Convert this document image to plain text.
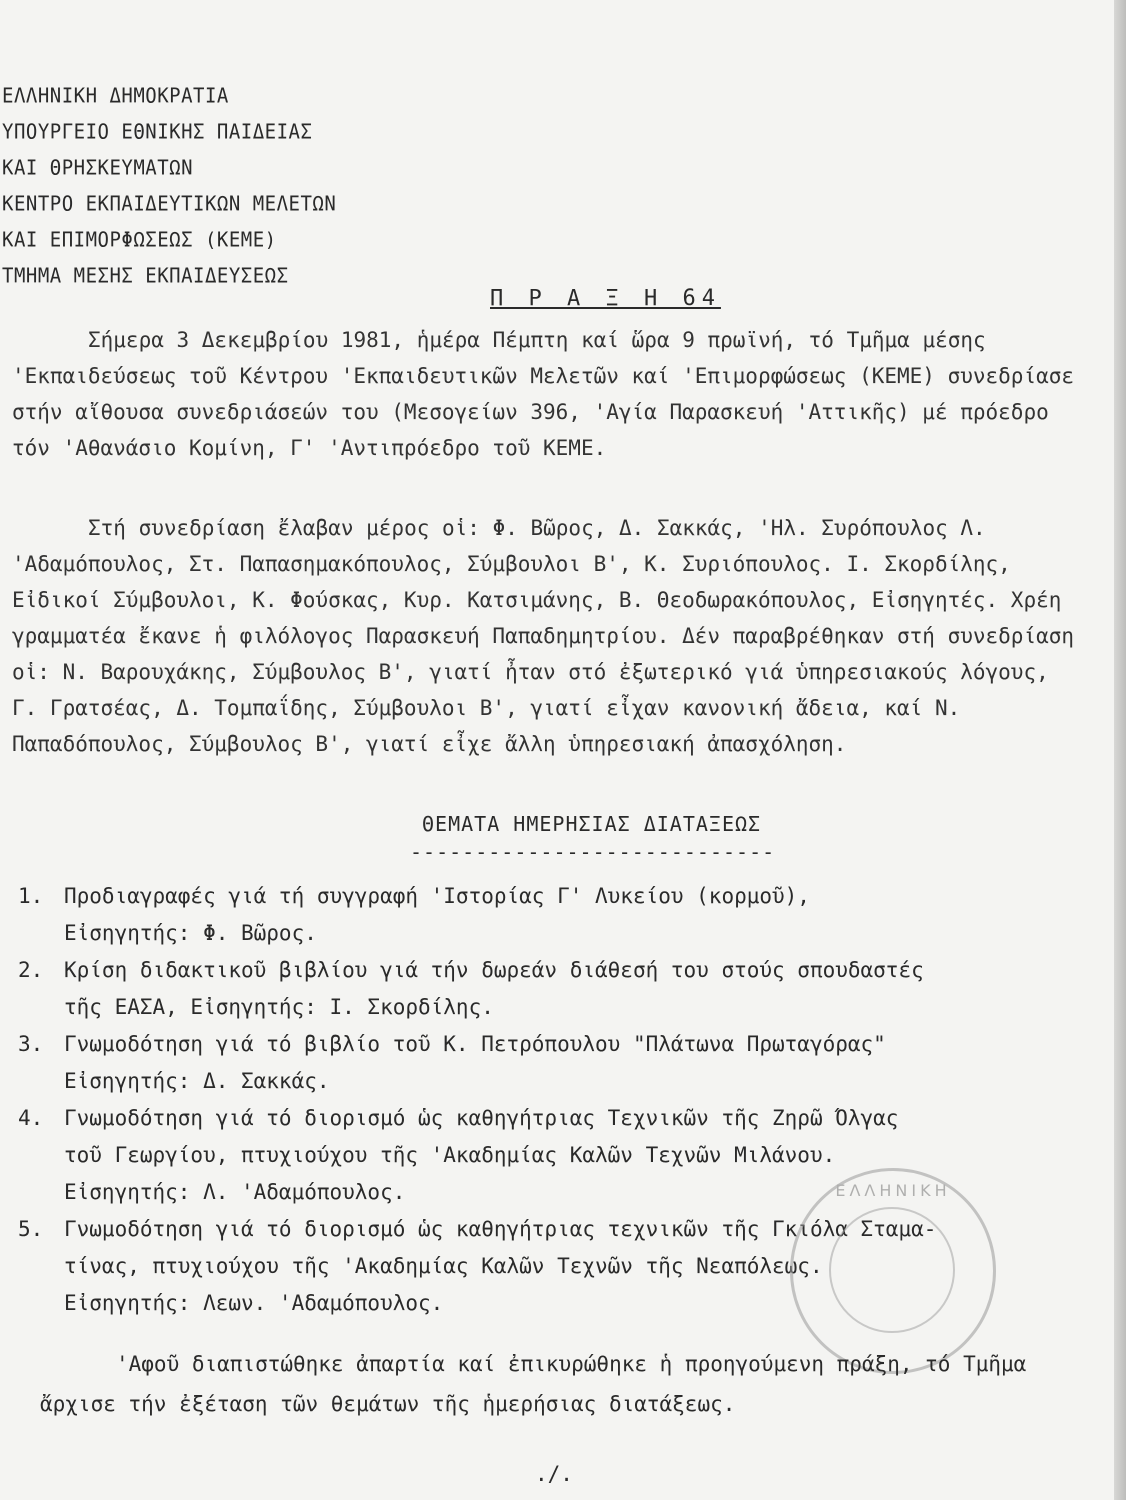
ΕΛΛΗΝΙΚΗ ΔΗΜΟΚΡΑΤΙΑ
ΥΠΟΥΡΓΕΙΟ ΕΘΝΙΚΗΣ ΠΑΙΔΕΙΑΣ
ΚΑΙ ΘΡΗΣΚΕΥΜΑΤΩΝ
ΚΕΝΤΡΟ ΕΚΠΑΙΔΕΥΤΙΚΩΝ ΜΕΛΕΤΩΝ
ΚΑΙ ΕΠΙΜΟΡΦΩΣΕΩΣ (ΚΕΜΕ)
ΤΜΗΜΑ ΜΕΣΗΣ ΕΚΠΑΙΔΕΥΣΕΩΣ
Π Ρ Α Ξ Η 64
Σήμερα 3 Δεκεμβρίου 1981, ἡμέρα Πέμπτη καί ὥρα 9 πρωϊνή, τό Τμῆμα μέσης 'Εκπαιδεύσεως τοῦ Κέντρου 'Εκπαιδευτικῶν Μελετῶν καί 'Επιμορφώσεως (ΚΕΜΕ) συνεδρίασε στήν αἴθουσα συνεδριάσεών του (Μεσογείων 396, 'Αγία Παρασκευή 'Αττικῆς) μέ πρόεδρο τόν 'Αθανάσιο Κομίνη, Γ' 'Αντιπρόεδρο τοῦ ΚΕΜΕ.
Στή συνεδρίαση ἔλαβαν μέρος οἱ: Φ. Βῶρος, Δ. Σακκάς, 'Ηλ. Συρόπουλος Λ. 'Αδαμόπουλος, Στ. Παπασημακόπουλος, Σύμβουλοι Β', Κ. Συριόπουλος. Ι. Σκορδίλης, Εἰδικοί Σύμβουλοι, Κ. Φούσκας, Κυρ. Κατσιμάνης, Β. Θεοδωρακόπουλος, Εἰσηγητές. Χρέη γραμματέα ἔκανε ἡ φιλόλογος Παρασκευή Παπαδημητρίου. Δέν παραβρέθηκαν στή συνεδρίαση οἱ: Ν. Βαρουχάκης, Σύμβουλος Β', γιατί ἦταν στό ἐξωτερικό γιά ὑπηρεσιακούς λόγους, Γ. Γρατσέας, Δ. Τομπαΐδης, Σύμβουλοι Β', γιατί εἶχαν κανονική ἄδεια, καί Ν. Παπαδόπουλος, Σύμβουλος Β', γιατί εἶχε ἄλλη ὑπηρεσιακή ἀπασχόληση.
ΘΕΜΑΤΑ ΗΜΕΡΗΣΙΑΣ ΔΙΑΤΑΞΕΩΣ
----------------------------
1. Προδιαγραφές γιά τή συγγραφή 'Ιστορίας Γ' Λυκείου (κορμοῦ),
Εἰσηγητής: Φ. Βῶρος.
2. Κρίση διδακτικοῦ βιβλίου γιά τήν δωρεάν διάθεσή του στούς σπουδαστές
τῆς ΕΑΣΑ, Εἰσηγητής: Ι. Σκορδίλης.
3. Γνωμοδότηση γιά τό βιβλίο τοῦ Κ. Πετρόπουλου "Πλάτωνα Πρωταγόρας"
Εἰσηγητής: Δ. Σακκάς.
4. Γνωμοδότηση γιά τό διορισμό ὡς καθηγήτριας Τεχνικῶν τῆς Ζηρῶ Όλγας
τοῦ Γεωργίου, πτυχιούχου τῆς 'Ακαδημίας Καλῶν Τεχνῶν Μιλάνου.
Εἰσηγητής: Λ. 'Αδαμόπουλος.
5. Γνωμοδότηση γιά τό διορισμό ὡς καθηγήτριας τεχνικῶν τῆς Γκιόλα Σταμα-
τίνας, πτυχιούχου τῆς 'Ακαδημίας Καλῶν Τεχνῶν τῆς Νεαπόλεως.
Εἰσηγητής: Λεων. 'Αδαμόπουλος.
ΕΛΛΗΝΙΚΗ
'Αφοῦ διαπιστώθηκε ἀπαρτία καί ἐπικυρώθηκε ἡ προηγούμενη πράξη, τό Τμῆμα ἄρχισε τήν ἐξέταση τῶν θεμάτων τῆς ἡμερήσιας διατάξεως.
./.
